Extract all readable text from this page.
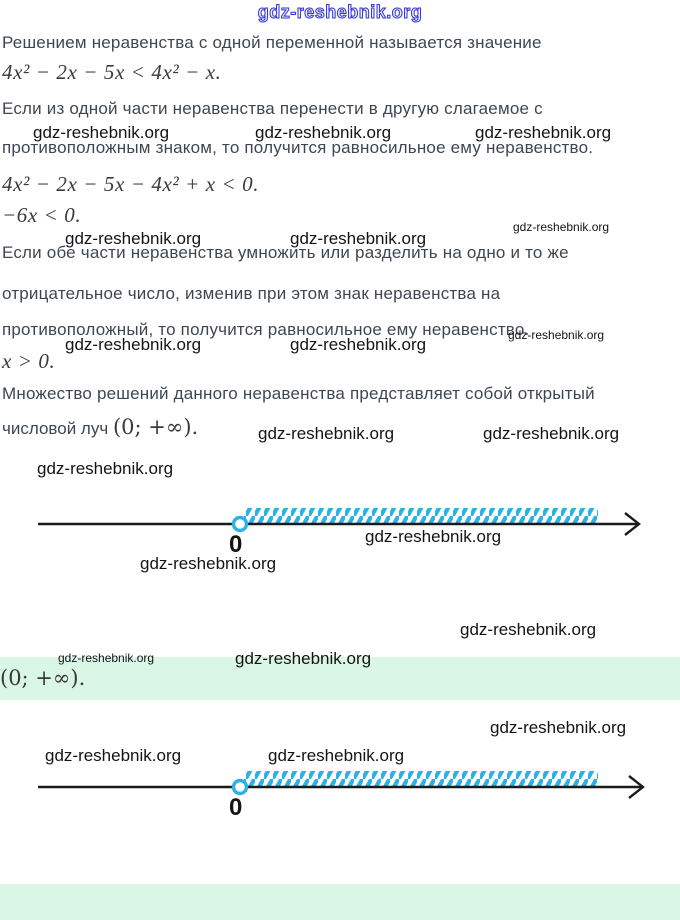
gdz-reshebnik.org
Решением неравенства с одной переменной называется значение
4x² − 2x − 5x < 4x² − x.
Если из одной части неравенства перенести в другую слагаемое с
gdz-reshebnik.org	gdz-reshebnik.org	gdz-reshebnik.org
противоположным знаком, то получится равносильное ему неравенство.
4x² − 2x − 5x − 4x² + x < 0.
−6x < 0.
gdz-reshebnik.org	gdz-reshebnik.org
gdz-reshebnik.org
Если обе части неравенства умножить или разделить на одно и то же
отрицательное число, изменив при этом знак неравенства на
противоположный, то получится равносильное ему неравенство.
gdz-reshebnik.org	gdz-reshebnik.org	gdz-reshebnik.org
x > 0.
Множество решений данного неравенства представляет собой открытый
числовой луч (0; +∞).	gdz-reshebnik.org	gdz-reshebnik.org
gdz-reshebnik.org
0	gdz-reshebnik.org
gdz-reshebnik.org
gdz-reshebnik.org
gdz-reshebnik.org	gdz-reshebnik.org
(0; +∞).
gdz-reshebnik.org
gdz-reshebnik.org	gdz-reshebnik.org
0
